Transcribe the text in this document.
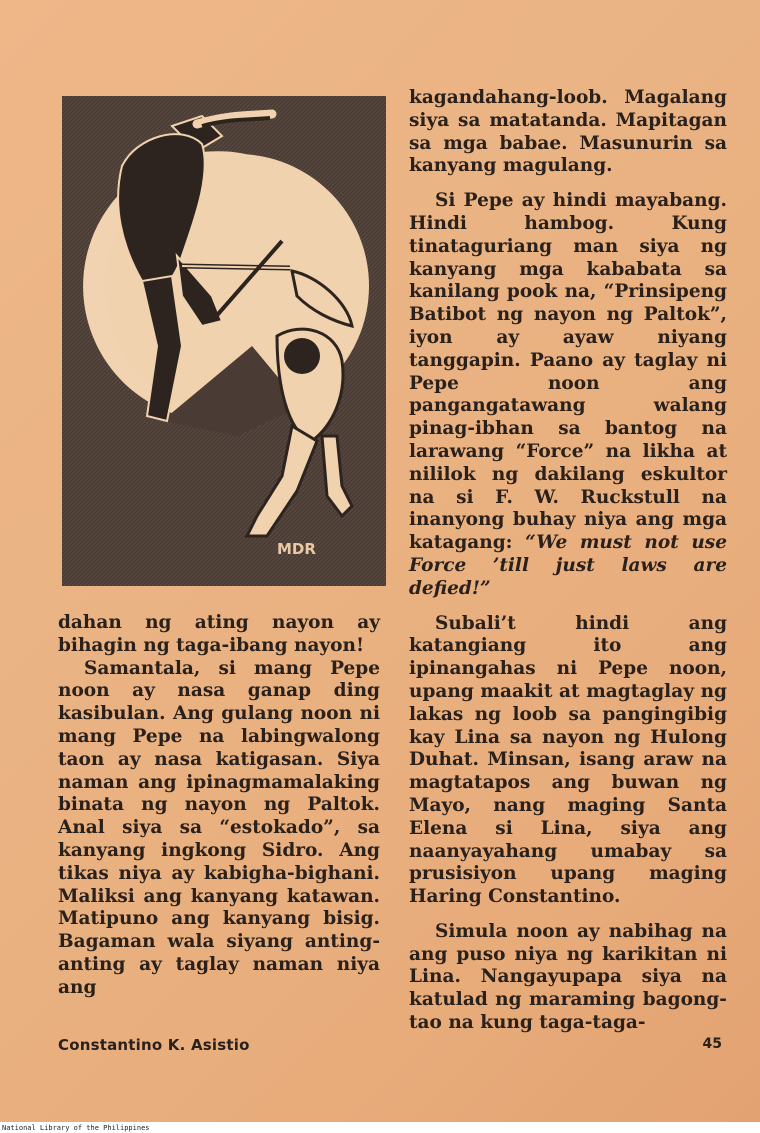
MDR

dahan ng ating nayon ay bihagin ng taga-ibang nayon!

Samantala, si mang Pepe noon ay nasa ganap ding kasibulan. Ang gulang noon ni mang Pepe na labingwalong taon ay nasa katigasan. Siya naman ang ipinagmamalaking binata ng nayon ng Paltok. Anal siya sa “estokado”, sa kanyang ingkong Sidro. Ang tikas niya ay kabigha-bighani. Maliksi ang kanyang katawan. Matipuno ang kanyang bisig. Bagaman wala siyang anting-anting ay taglay naman niya ang

kagandahang-loob. Magalang siya sa matatanda. Mapitagan sa mga babae. Masunurin sa kanyang magulang.

Si Pepe ay hindi mayabang. Hindi hambog. Kung tinataguriang man siya ng kanyang mga kababata sa kanilang pook na, “Prinsipeng Batibot ng nayon ng Paltok”, iyon ay ayaw niyang tanggapin. Paano ay taglay ni Pepe noon ang pangangatawang walang pinag-ibhan sa bantog na larawang “Force” na likha at nililok ng dakilang eskultor na si F. W. Ruckstull na inanyong buhay niya ang mga katagang: “We must not use Force ’till just laws are defied!”

Subali’t hindi ang katangiang ito ang ipinangahas ni Pepe noon, upang maakit at magtaglay ng lakas ng loob sa pangingibig kay Lina sa nayon ng Hulong Duhat. Minsan, isang araw na magtatapos ang buwan ng Mayo, nang maging Santa Elena si Lina, siya ang naanyayahang umabay sa prusisiyon upang maging Haring Constantino.

Simula noon ay nabihag na ang puso niya ng karikitan ni Lina. Nangayupapa siya na katulad ng maraming bagong-tao na kung taga-taga-

Constantino K. Asistio	45
National Library of the Philippines
